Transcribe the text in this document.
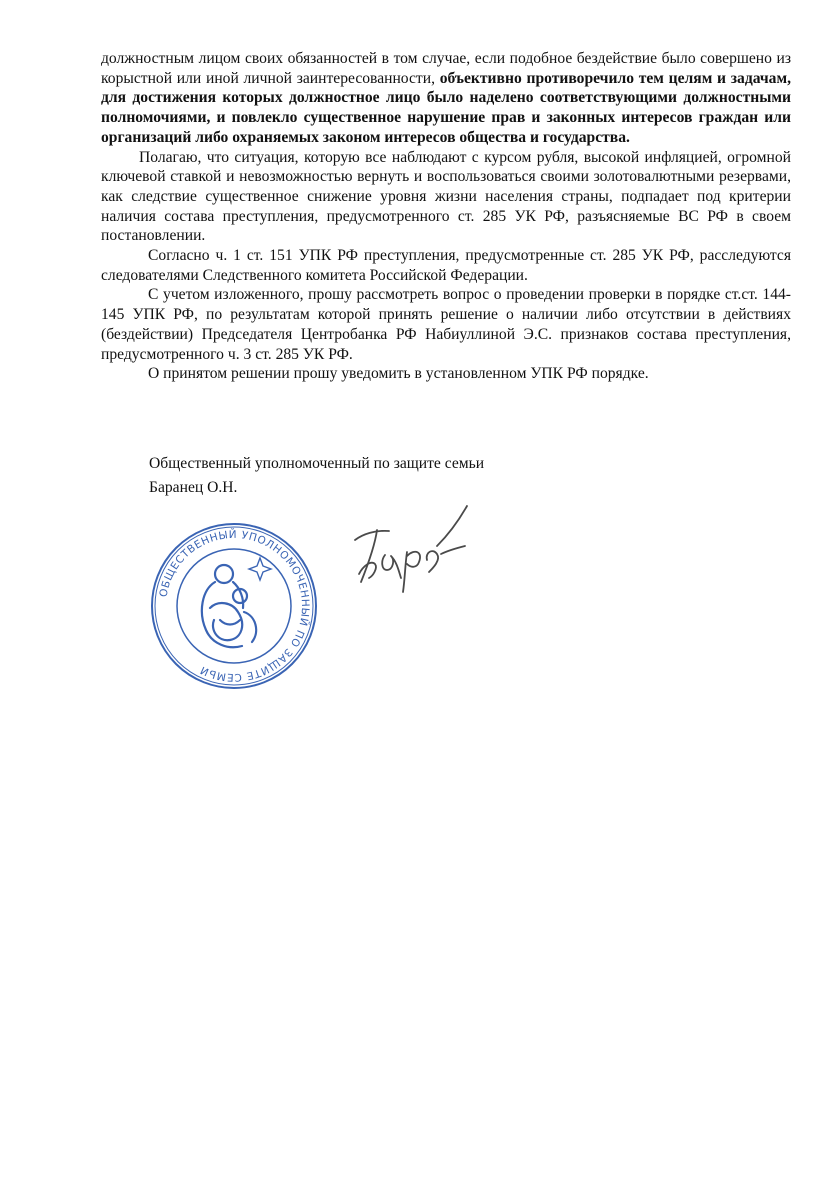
должностным лицом своих обязанностей в том случае, если подобное бездействие было совершено из корыстной или иной личной заинтересованности, объективно противоречило тем целям и задачам, для достижения которых должностное лицо было наделено соответствующими должностными полномочиями, и повлекло существенное нарушение прав и законных интересов граждан или организаций либо охраняемых законом интересов общества и государства.

Полагаю, что ситуация, которую все наблюдают с курсом рубля, высокой инфляцией, огромной ключевой ставкой и невозможностью вернуть и воспользоваться своими золотовалютными резервами, как следствие существенное снижение уровня жизни населения страны, подпадает под критерии наличия состава преступления, предусмотренного ст. 285 УК РФ, разъясняемые ВС РФ в своем постановлении.

Согласно ч. 1 ст. 151 УПК РФ преступления, предусмотренные ст. 285 УК РФ, расследуются следователями Следственного комитета Российской Федерации.

С учетом изложенного, прошу рассмотреть вопрос о проведении проверки в порядке ст.ст. 144-145 УПК РФ, по результатам которой принять решение о наличии либо отсутствии в действиях (бездействии) Председателя Центробанка РФ Набиуллиной Э.С. признаков состава преступления, предусмотренного ч. 3 ст. 285 УК РФ.

О принятом решении прошу уведомить в установленном УПК РФ порядке.

Общественный уполномоченный по защите семьи
Баранец О.Н.
ОБЩЕСТВЕННЫЙ УПОЛНОМОЧЕННЫЙ ПО ЗАЩИТЕ СЕМЬИ
